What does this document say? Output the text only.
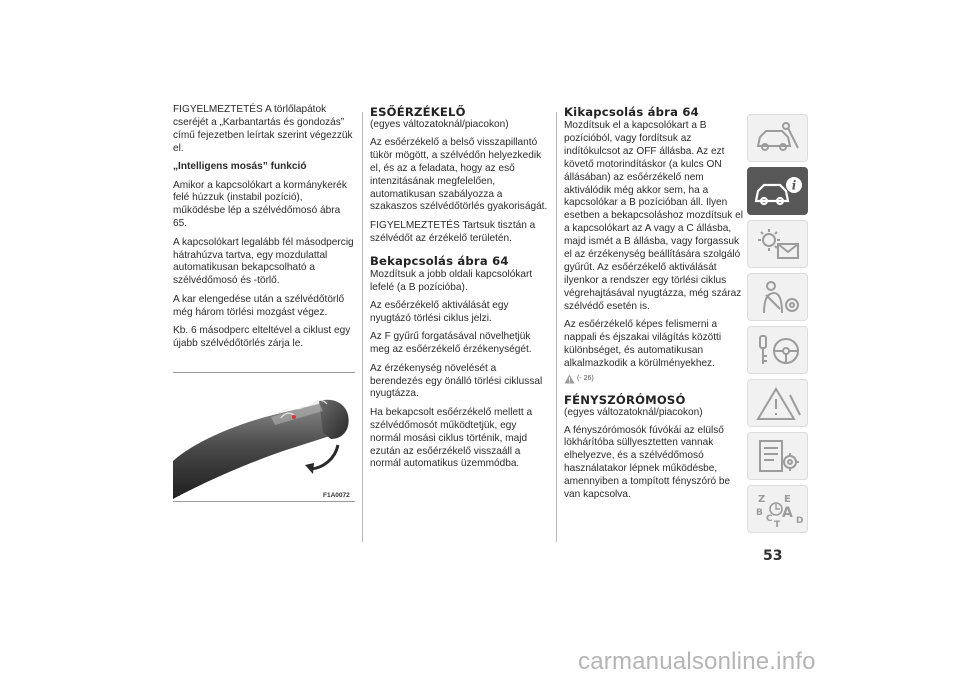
FIGYELMEZTETÉS A törlőlapátok cseréjét a „Karbantartás és gondozás” című fejezetben leírtak szerint végezzük el.

„Intelligens mosás” funkció

Amikor a kapcsolókart a kormánykerék felé húzzuk (instabil pozíció), működésbe lép a szélvédőmosó ábra 65.

A kapcsolókart legalább fél másodpercig hátrahúzva tartva, egy mozdulattal automatikusan bekapcsolható a szélvédőmosó és -törlő.

A kar elengedése után a szélvédőtörlő még három törlési mozgást végez.

Kb. 6 másodperc elteltével a ciklust egy újabb szélvédőtörlés zárja le.

65	F1A0072
ESŐÉRZÉKELŐ
(egyes változatoknál/piacokon)

Az esőérzékelő a belső visszapillantó tükör mögött, a szélvédőn helyezkedik el, és az a feladata, hogy az eső intenzitásának megfelelően, automatikusan szabályozza a szakaszos szélvédőtörlés gyakoriságát.

FIGYELMEZTETÉS Tartsuk tisztán a szélvédőt az érzékelő területén.

Bekapcsolás ábra 64

Mozdítsuk a jobb oldali kapcsolókart lefelé (a B pozícióba).

Az esőérzékelő aktiválását egy nyugtázó törlési ciklus jelzi.

Az F gyűrű forgatásával növelhetjük meg az esőérzékelő érzékenységét.

Az érzékenység növelését a berendezés egy önálló törlési ciklussal nyugtázza.

Ha bekapcsolt esőérzékelő mellett a szélvédőmosót működtetjük, egy normál mosási ciklus történik, majd ezután az esőérzékelő visszaáll a normál automatikus üzemmódba.

Kikapcsolás ábra 64

Mozdítsuk el a kapcsolókart a B pozícióból, vagy fordítsuk az indítókulcsot az OFF állásba. Az ezt követő motorindításkor (a kulcs ON állásában) az esőérzékelő nem aktiválódik még akkor sem, ha a kapcsolókar a B pozícióban áll. Ilyen esetben a bekapcsoláshoz mozdítsuk el a kapcsolókart az A vagy a C állásba, majd ismét a B állásba, vagy forgassuk el az érzékenység beállítására szolgáló gyűrűt. Az esőérzékelő aktiválását ilyenkor a rendszer egy törlési ciklus végrehajtásával nyugtázza, még száraz szélvédő esetén is.

Az esőérzékelő képes felismerni a nappali és éjszakai világítás közötti különbséget, és automatikusan alkalmazkodik a körülményekhez.

(- 26)
FÉNYSZÓRÓMOSÓ
(egyes változatoknál/piacokon)

A fényszórómosók fúvókái az elülső lökhárítóba süllyesztetten vannak elhelyezve, és a szélvédőmosó használatakor lépnek működésbe, amennyiben a tompított fényszóró be van kapcsolva.

i
Z E
B A
C
T D
53
carmanualsonline.info
